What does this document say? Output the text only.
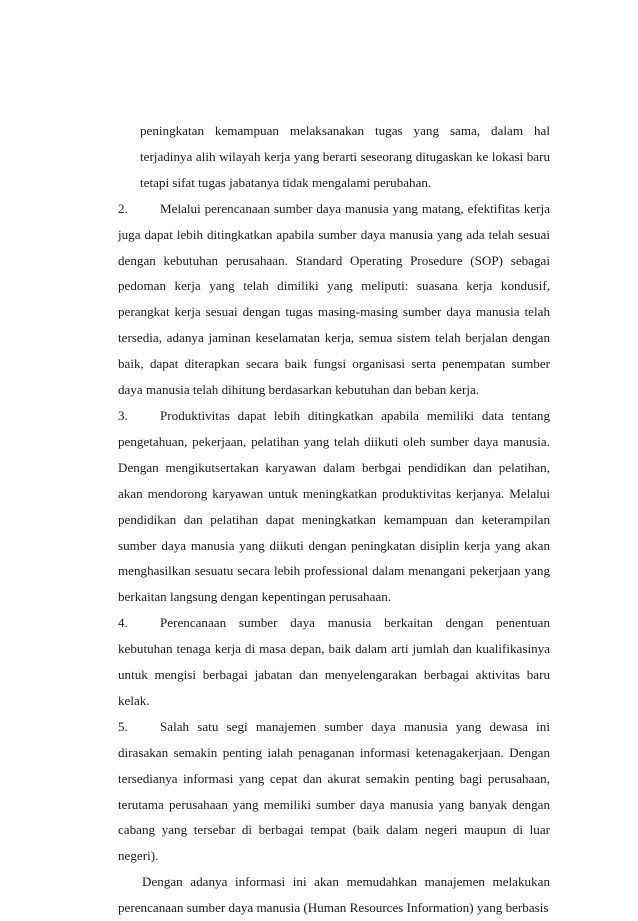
peningkatan kemampuan melaksanakan tugas yang sama, dalam hal terjadinya alih wilayah kerja yang berarti seseorang ditugaskan ke lokasi baru tetapi sifat tugas jabatanya tidak mengalami perubahan.

2. Melalui perencanaan sumber daya manusia yang matang, efektifitas kerja juga dapat lebih ditingkatkan apabila sumber daya manusia yang ada telah sesuai dengan kebutuhan perusahaan. Standard Operating Prosedure (SOP) sebagai pedoman kerja yang telah dimiliki yang meliputi: suasana kerja kondusif, perangkat kerja sesuai dengan tugas masing-masing sumber daya manusia telah tersedia, adanya jaminan keselamatan kerja, semua sistem telah berjalan dengan baik, dapat diterapkan secara baik fungsi organisasi serta penempatan sumber daya manusia telah dihitung berdasarkan kebutuhan dan beban kerja.

3. Produktivitas dapat lebih ditingkatkan apabila memiliki data tentang pengetahuan, pekerjaan, pelatihan yang telah diikuti oleh sumber daya manusia. Dengan mengikutsertakan karyawan dalam berbgai pendidikan dan pelatihan, akan mendorong karyawan untuk meningkatkan produktivitas kerjanya. Melalui pendidikan dan pelatihan dapat meningkatkan kemampuan dan keterampilan sumber daya manusia yang diikuti dengan peningkatan disiplin kerja yang akan menghasilkan sesuatu secara lebih professional dalam menangani pekerjaan yang berkaitan langsung dengan kepentingan perusahaan.

4. Perencanaan sumber daya manusia berkaitan dengan penentuan kebutuhan tenaga kerja di masa depan, baik dalam arti jumlah dan kualifikasinya untuk mengisi berbagai jabatan dan menyelengarakan berbagai aktivitas baru kelak.

5. Salah satu segi manajemen sumber daya manusia yang dewasa ini dirasakan semakin penting ialah penaganan informasi ketenagakerjaan. Dengan tersedianya informasi yang cepat dan akurat semakin penting bagi perusahaan, terutama perusahaan yang memiliki sumber daya manusia yang banyak dengan cabang yang tersebar di berbagai tempat (baik dalam negeri maupun di luar negeri).

Dengan adanya informasi ini akan memudahkan manajemen melakukan perencanaan sumber daya manusia (Human Resources Information) yang berbasis
